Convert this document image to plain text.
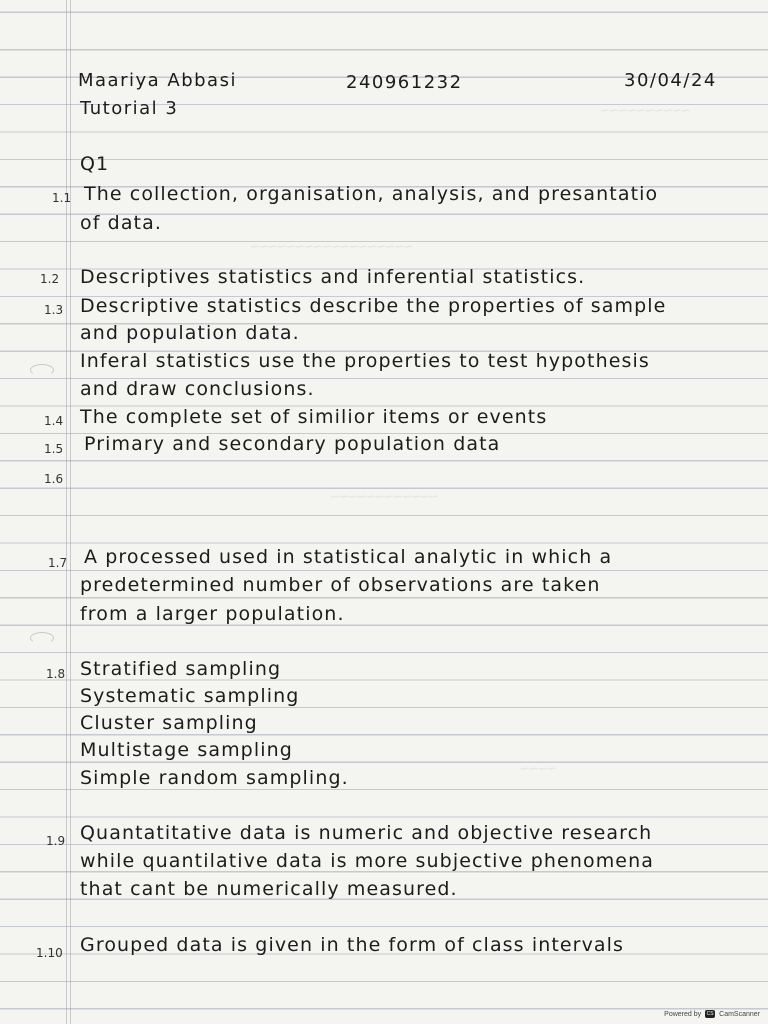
Maariya Abbasi	240961232	30/04/24
Tutorial 3
Q1
1.1 The collection, organisation, analysis, and presantatio
of data.
1.2 Descriptives statistics and inferential statistics.
1.3 Descriptive statistics describe the properties of sample
and population data.
Inferal statistics use the properties to test hypothesis
and draw conclusions.
1.4 The complete set of similior items or events
1.5 Primary and secondary population data
1.6
~~~~~~~~~~
~~~~~~~~~~~~~~~~~~
~~~~~~~~~~~~
~~~~
1.7 A processed used in statistical analytic in which a
predetermined number of observations are taken
from a larger population.
1.8 Stratified sampling
Systematic sampling
Cluster sampling
Multistage sampling
Simple random sampling.
1.9 Quantatitative data is numeric and objective research
while quantilative data is more subjective phenomena
that cant be numerically measured.
1.10 Grouped data is given in the form of class intervals
Powered by	CS CamScanner
